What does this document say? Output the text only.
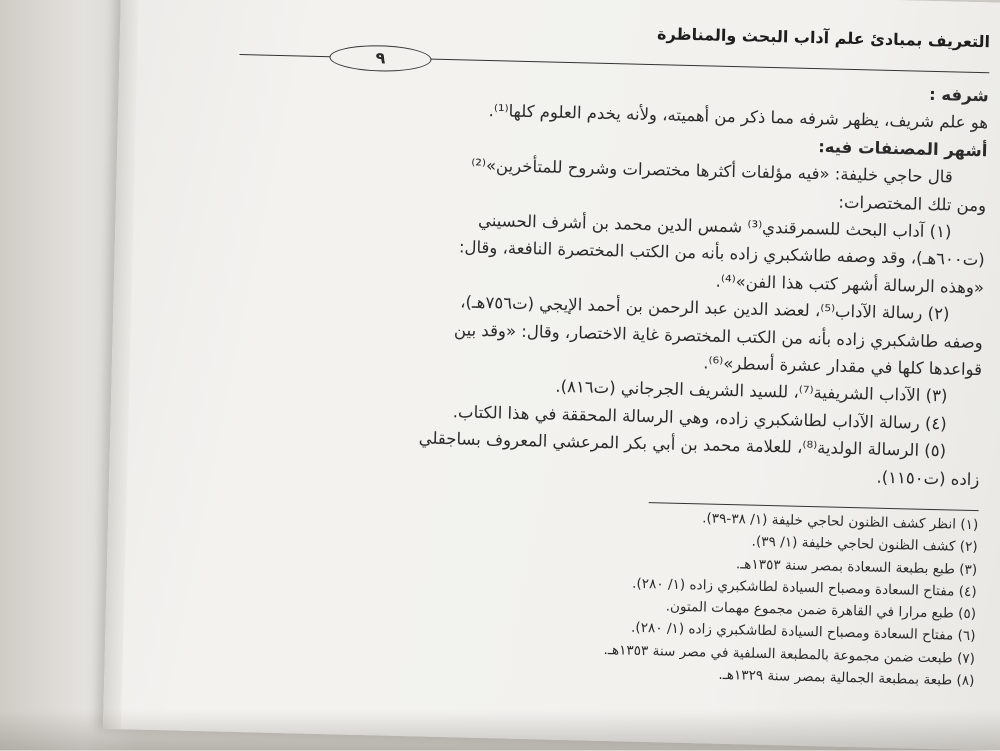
التعريف بمبادئ علم آداب البحث والمناظرة
٩
شرفه :
هو علم شريف، يظهر شرفه مما ذكر من أهميته، ولأنه يخدم العلوم كلها⁽¹⁾.
أشهر المصنفات فيه:
قال حاجي خليفة: «فيه مؤلفات أكثرها مختصرات وشروح للمتأخرين»⁽²⁾
ومن تلك المختصرات:
(١) آداب البحث للسمرقندي⁽³⁾ شمس الدين محمد بن أشرف الحسيني
(ت٦٠٠هـ)، وقد وصفه طاشكبري زاده بأنه من الكتب المختصرة النافعة، وقال:
«وهذه الرسالة أشهر كتب هذا الفن»⁽⁴⁾.
(٢) رسالة الآداب⁽⁵⁾، لعضد الدين عبد الرحمن بن أحمد الإيجي (ت٧٥٦هـ)،
وصفه طاشكبري زاده بأنه من الكتب المختصرة غاية الاختصار، وقال: «وقد بين
قواعدها كلها في مقدار عشرة أسطر»⁽⁶⁾.
(٣) الآداب الشريفية⁽⁷⁾، للسيد الشريف الجرجاني (ت٨١٦).
(٤) رسالة الآداب لطاشكبري زاده، وهي الرسالة المحققة في هذا الكتاب.
(٥) الرسالة الولدية⁽⁸⁾، للعلامة محمد بن أبي بكر المرعشي المعروف بساجقلي
زاده (ت١١٥٠).
(١) انظر كشف الظنون لحاجي خليفة (١/ ٣٨-٣٩).
(٢) كشف الظنون لحاجي خليفة (١/ ٣٩).
(٣) طبع بطبعة السعادة بمصر سنة ١٣٥٣هـ.
(٤) مفتاح السعادة ومصباح السيادة لطاشكبري زاده (١/ ٢٨٠).
(٥) طبع مرارا في القاهرة ضمن مجموع مهمات المتون.
(٦) مفتاح السعادة ومصباح السيادة لطاشكبري زاده (١/ ٢٨٠).
(٧) طبعت ضمن مجموعة بالمطبعة السلفية في مصر سنة ١٣٥٣هـ.
(٨) طبعة بمطبعة الجمالية بمصر سنة ١٣٢٩هـ.
